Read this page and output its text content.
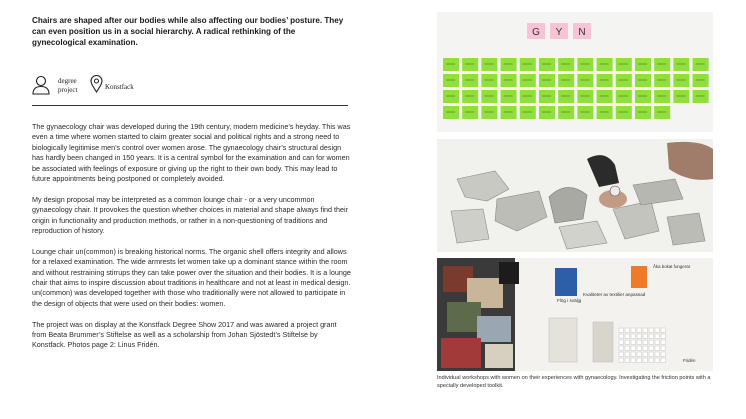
Chairs are shaped after our bodies while also affecting our bodies’ posture. They can even position us in a social hierarchy. A radical rethinking of the gynecological examination.

degree project	Konstfack

The gynaecology chair was developed during the 19th century, modern medicine’s heyday. This was even a time where women started to claim greater social and political rights and a strong need to biologically legitimise men’s control over women arose. The gynaecology chair’s structural design has hardly been changed in 150 years. It is a central symbol for the examination and can for women be associated with feelings of exposure or giving up the right to their own body. This may lead to future appointments being postponed or completely avoided.

My design proposal may be interpreted as a common lounge chair - or a very uncommon gynaecology chair. It provokes the question whether choices in material and shape always find their origin in functionality and production methods, or rather in a non-questioning of traditions and reproduction of history.

Lounge chair un(common) is breaking historical norms. The organic shell offers integrity and allows for a relaxed examination. The wide armrests let women take up a dominant stance within the room and without restraining stirrups they can take power over the situation and their bodies. It is a lounge chair that aims to inspire discussion about traditions in healthcare and not at least in medical design. un(common) was developed together with those who traditionally were not allowed to participate in the design of objects that were used on their bodies: women.

The project was on display at the Konstfack Degree Show 2017 and was awared a project grant from Beata Brummer’s Stiftelse as well as a scholarship from Johan Sjöstedt’s Stiftelse by Konstfack. Photos page 2: Linus Fridén.

G Y N
Flög i sväljg
Kvaliteter av textilier anpassad
Åka bokat fungerat
Fridén
Individual workshops with women on their experiences with gynaecology. Investigating the friction points with a specially developed toolkit.
